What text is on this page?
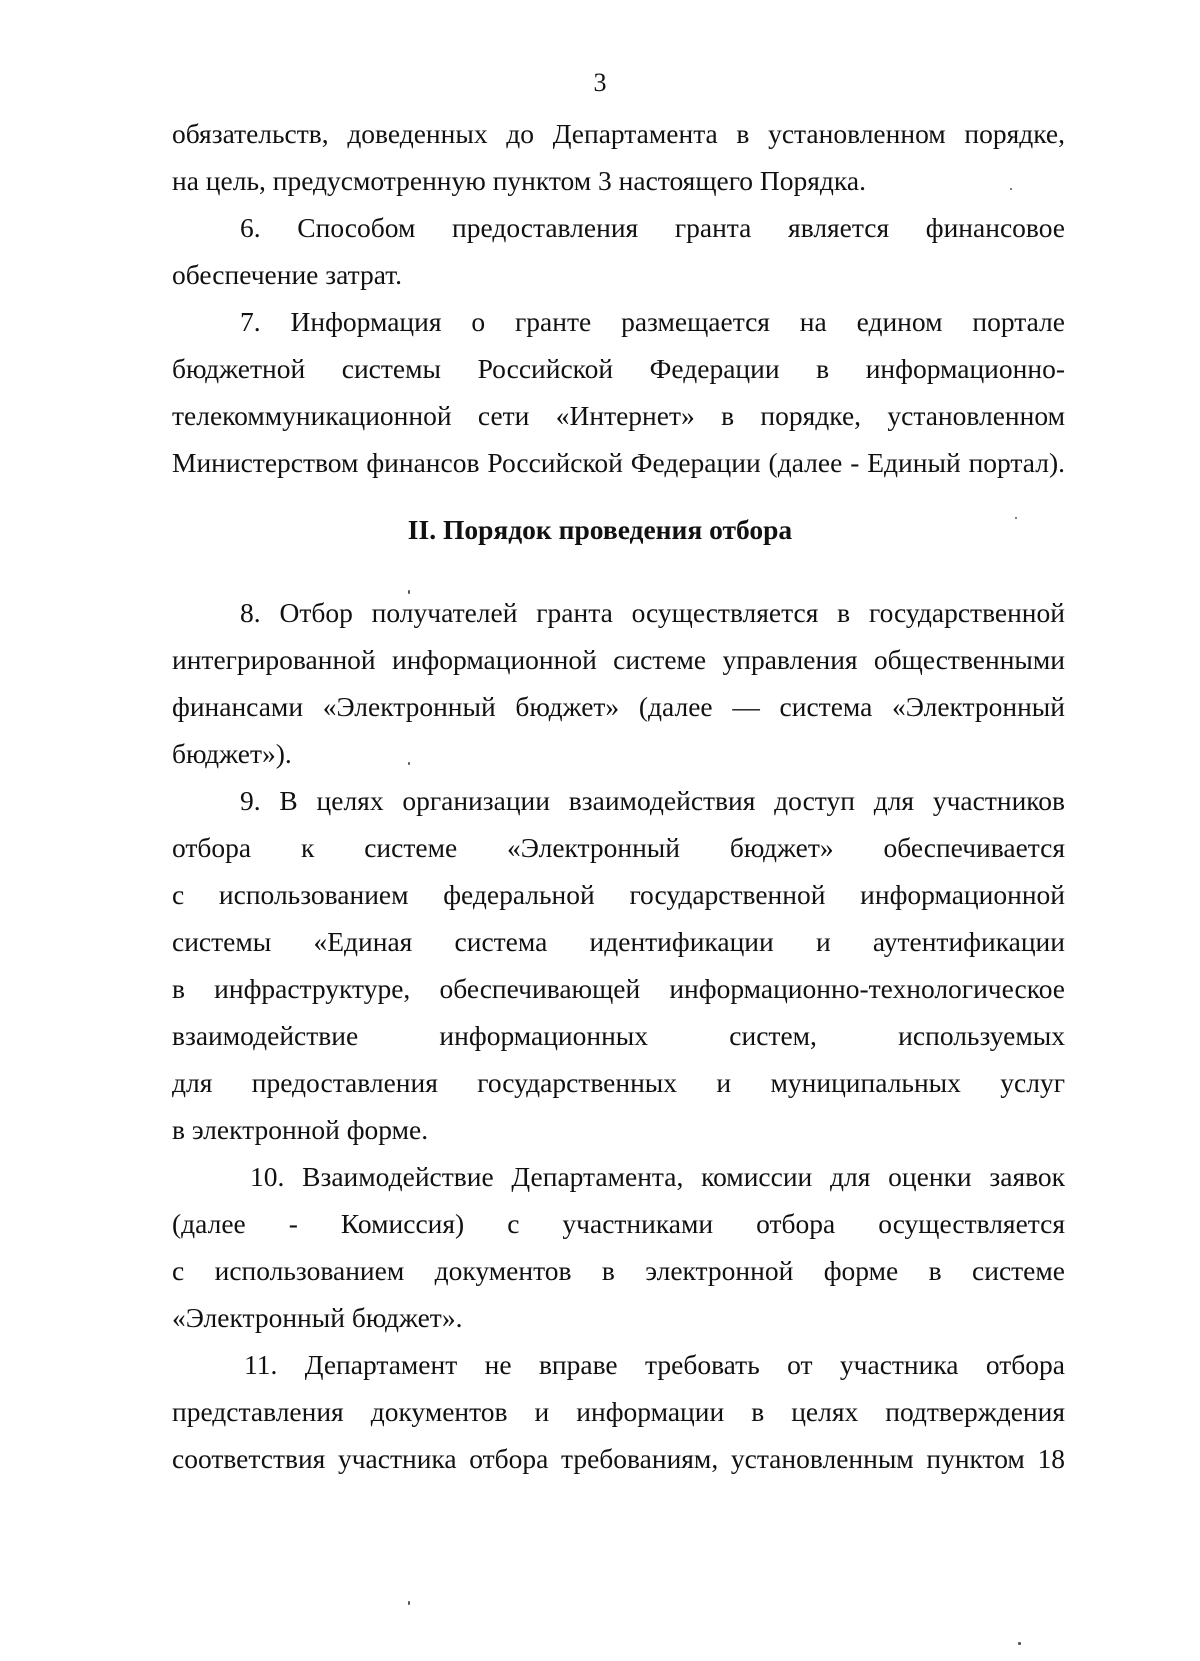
3
обязательств, доведенных до Департамента в установленном порядке,
на цель, предусмотренную пунктом 3 настоящего Порядка.
6. Способом предоставления гранта является финансовое
обеспечение затрат.
7. Информация о гранте размещается на едином портале
бюджетной системы Российской Федерации в информационно-
телекоммуникационной сети «Интернет» в порядке, установленном
Министерством финансов Российской Федерации (далее - Единый портал).
II. Порядок проведения отбора
8. Отбор получателей гранта осуществляется в государственной
интегрированной информационной системе управления общественными
финансами «Электронный бюджет» (далее — система «Электронный
бюджет»).
9. В целях организации взаимодействия доступ для участников
отбора к системе «Электронный бюджет» обеспечивается
с использованием федеральной государственной информационной
системы «Единая система идентификации и аутентификации
в инфраструктуре, обеспечивающей информационно-технологическое
взаимодействие информационных систем, используемых
для предоставления государственных и муниципальных услуг
в электронной форме.
10. Взаимодействие Департамента, комиссии для оценки заявок
(далее - Комиссия) с участниками отбора осуществляется
с использованием документов в электронной форме в системе
«Электронный бюджет».
11. Департамент не вправе требовать от участника отбора
представления документов и информации в целях подтверждения
соответствия участника отбора требованиям, установленным пунктом 18
